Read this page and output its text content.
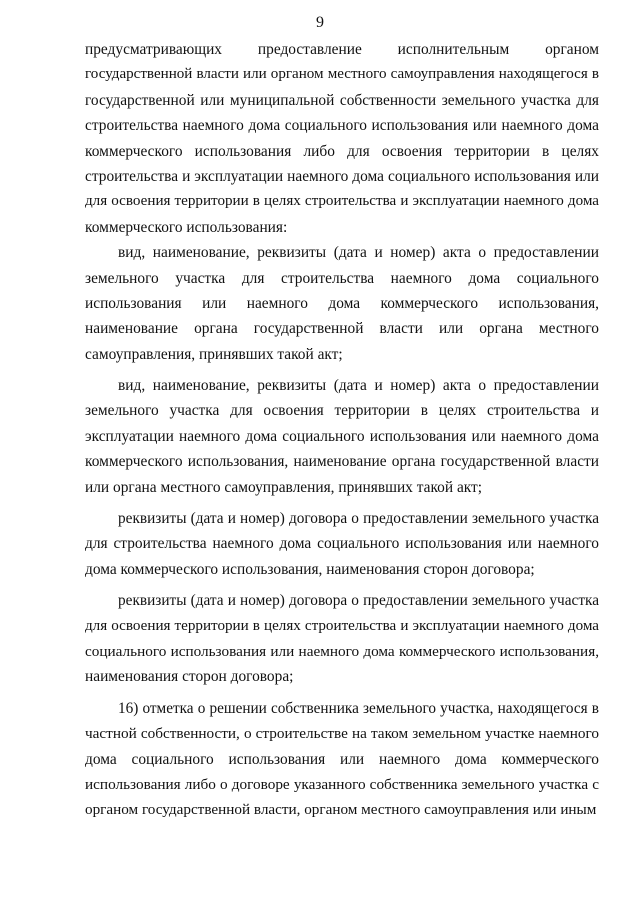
9
предусматривающих предоставление исполнительным органом
государственной власти или органом местного самоуправления находящегося в
государственной или муниципальной собственности земельного участка для
строительства наемного дома социального использования или наемного дома
коммерческого использования либо для освоения территории в целях
строительства и эксплуатации наемного дома социального использования или
для освоения территории в целях строительства и эксплуатации наемного дома
коммерческого использования:
вид, наименование, реквизиты (дата и номер) акта о предоставлении
земельного участка для строительства наемного дома социального
использования или наемного дома коммерческого использования,
наименование органа государственной власти или органа местного
самоуправления, принявших такой акт;
вид, наименование, реквизиты (дата и номер) акта о предоставлении
земельного участка для освоения территории в целях строительства и
эксплуатации наемного дома социального использования или наемного дома
коммерческого использования, наименование органа государственной власти
или органа местного самоуправления, принявших такой акт;
реквизиты (дата и номер) договора о предоставлении земельного участка
для строительства наемного дома социального использования или наемного
дома коммерческого использования, наименования сторон договора;
реквизиты (дата и номер) договора о предоставлении земельного участка
для освоения территории в целях строительства и эксплуатации наемного дома
социального использования или наемного дома коммерческого использования,
наименования сторон договора;
16) отметка о решении собственника земельного участка, находящегося в
частной собственности, о строительстве на таком земельном участке наемного
дома социального использования или наемного дома коммерческого
использования либо о договоре указанного собственника земельного участка с
органом государственной власти, органом местного самоуправления или иным
